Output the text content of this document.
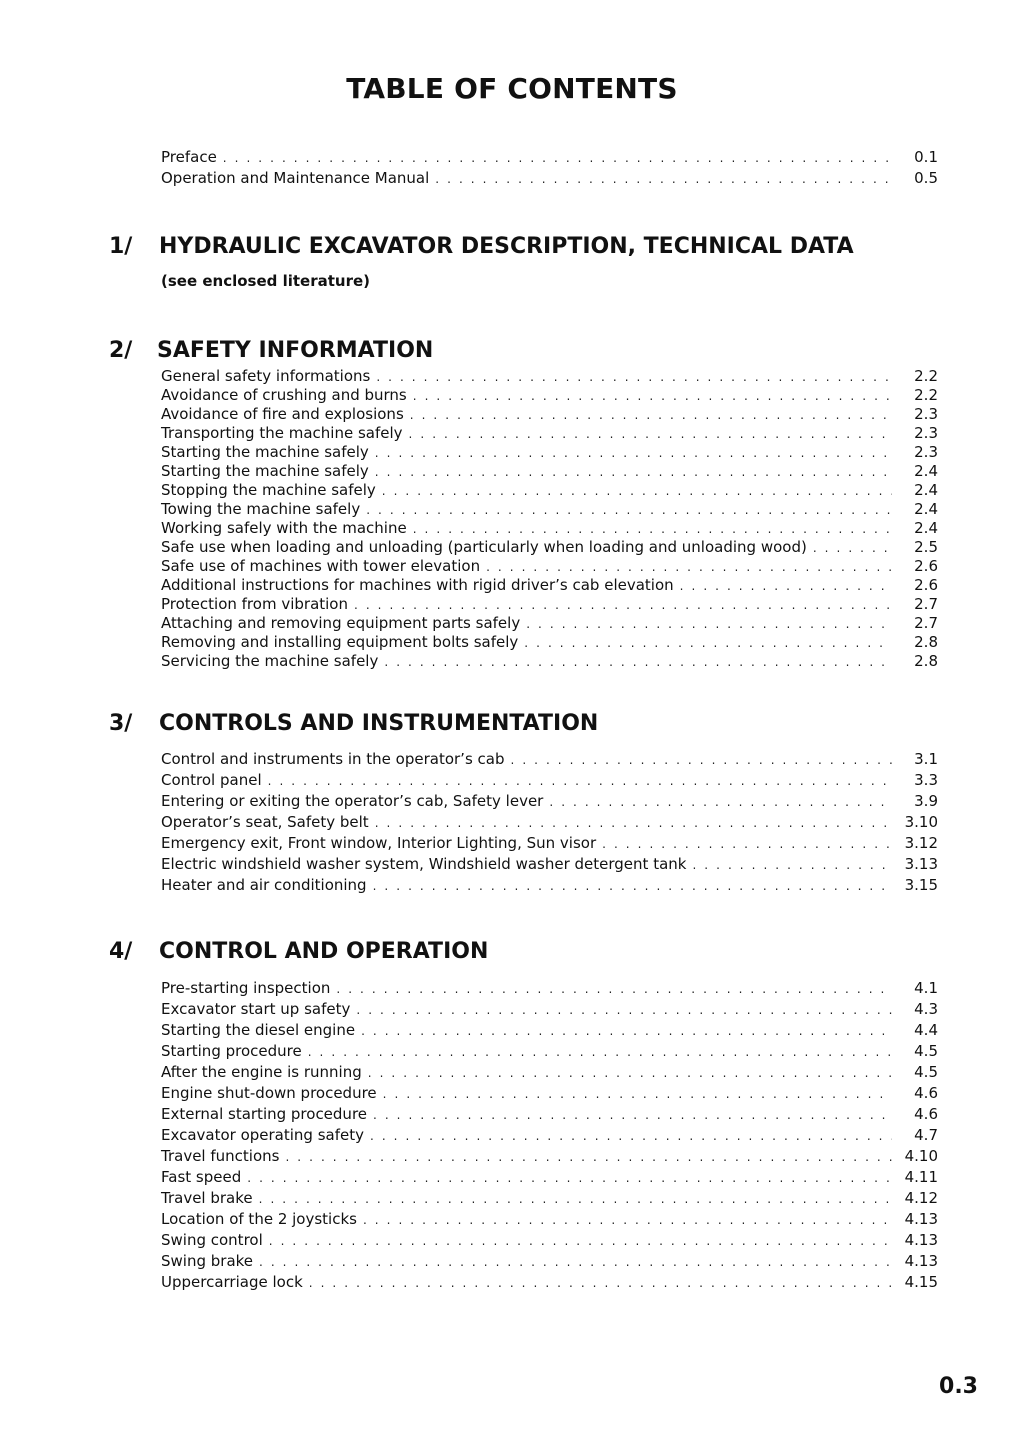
TABLE OF CONTENTS
Preface . . .	0.1
Operation and Maintenance Manual . . .	0.5
1/	HYDRAULIC EXCAVATOR DESCRIPTION, TECHNICAL DATA
(see enclosed literature)
2/	SAFETY INFORMATION
General safety informations . . .	2.2
Avoidance of crushing and burns . . .	2.2
Avoidance of fire and explosions . . .	2.3
Transporting the machine safely . . .	2.3
Starting the machine safely . . .	2.3
Starting the machine safely . . .	2.4
Stopping the machine safely . . .	2.4
Towing the machine safely . . .	2.4
Working safely with the machine . . .	2.4
Safe use when loading and unloading (particularly when loading and unloading wood) . . .	2.5
Safe use of machines with tower elevation . . .	2.6
Additional instructions for machines with rigid driver’s cab elevation . . .	2.6
Protection from vibration . . .	2.7
Attaching and removing equipment parts safely . . .	2.7
Removing and installing equipment bolts safely . . .	2.8
Servicing the machine safely . . .	2.8
3/	CONTROLS AND INSTRUMENTATION
Control and instruments in the operator’s cab . . .	3.1
Control panel . . .	3.3
Entering or exiting the operator’s cab, Safety lever . . .	3.9
Operator’s seat, Safety belt . . .	3.10
Emergency exit, Front window, Interior Lighting, Sun visor . . .	3.12
Electric windshield washer system, Windshield washer detergent tank . . .	3.13
Heater and air conditioning . . .	3.15
4/	CONTROL AND OPERATION
Pre-starting inspection . . .	4.1
Excavator start up safety . . .	4.3
Starting the diesel engine . . .	4.4
Starting procedure . . .	4.5
After the engine is running . . .	4.5
Engine shut-down procedure . . .	4.6
External starting procedure . . .	4.6
Excavator operating safety . . .	4.7
Travel functions . . .	4.10
Fast speed . . .	4.11
Travel brake . . .	4.12
Location of the 2 joysticks . . .	4.13
Swing control . . .	4.13
Swing brake . . .	4.13
Uppercarriage lock . . .	4.15
0.3
